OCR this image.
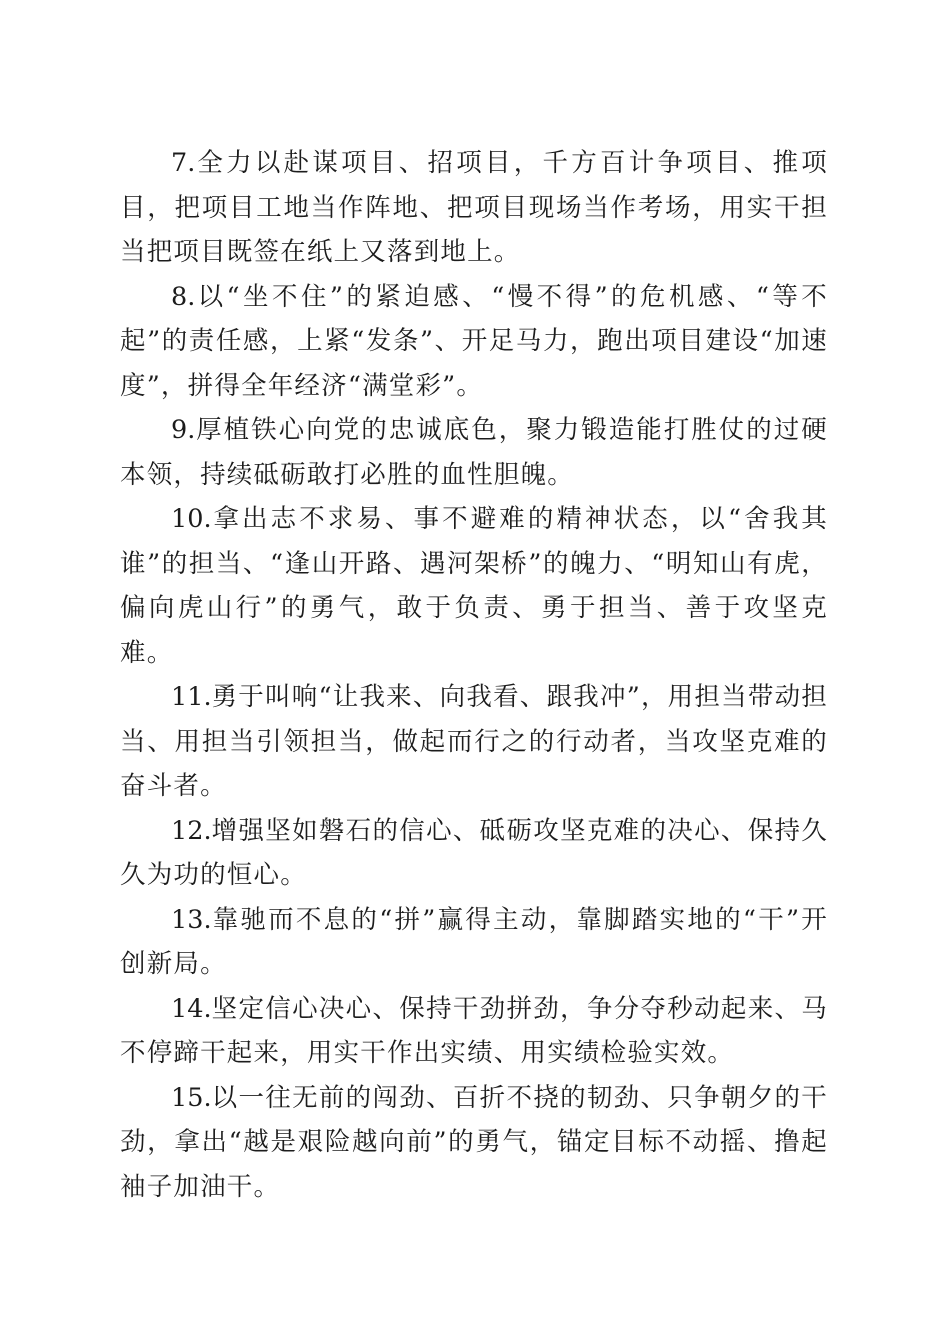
7.全力以赴谋项目、招项目，千方百计争项目、推项目，把项目工地当作阵地、把项目现场当作考场，用实干担当把项目既签在纸上又落到地上。

8.以“坐不住”的紧迫感、“慢不得”的危机感、“等不起”的责任感，上紧“发条”、开足马力，跑出项目建设“加速度”，拼得全年经济“满堂彩”。

9.厚植铁心向党的忠诚底色，聚力锻造能打胜仗的过硬本领，持续砥砺敢打必胜的血性胆魄。

10.拿出志不求易、事不避难的精神状态，以“舍我其谁”的担当、“逢山开路、遇河架桥”的魄力、“明知山有虎，偏向虎山行”的勇气，敢于负责、勇于担当、善于攻坚克难。

11.勇于叫响“让我来、向我看、跟我冲”，用担当带动担当、用担当引领担当，做起而行之的行动者，当攻坚克难的奋斗者。

12.增强坚如磐石的信心、砥砺攻坚克难的决心、保持久久为功的恒心。

13.靠驰而不息的“拼”赢得主动，靠脚踏实地的“干”开创新局。

14.坚定信心决心、保持干劲拼劲，争分夺秒动起来、马不停蹄干起来，用实干作出实绩、用实绩检验实效。

15.以一往无前的闯劲、百折不挠的韧劲、只争朝夕的干劲，拿出“越是艰险越向前”的勇气，锚定目标不动摇、撸起袖子加油干。
